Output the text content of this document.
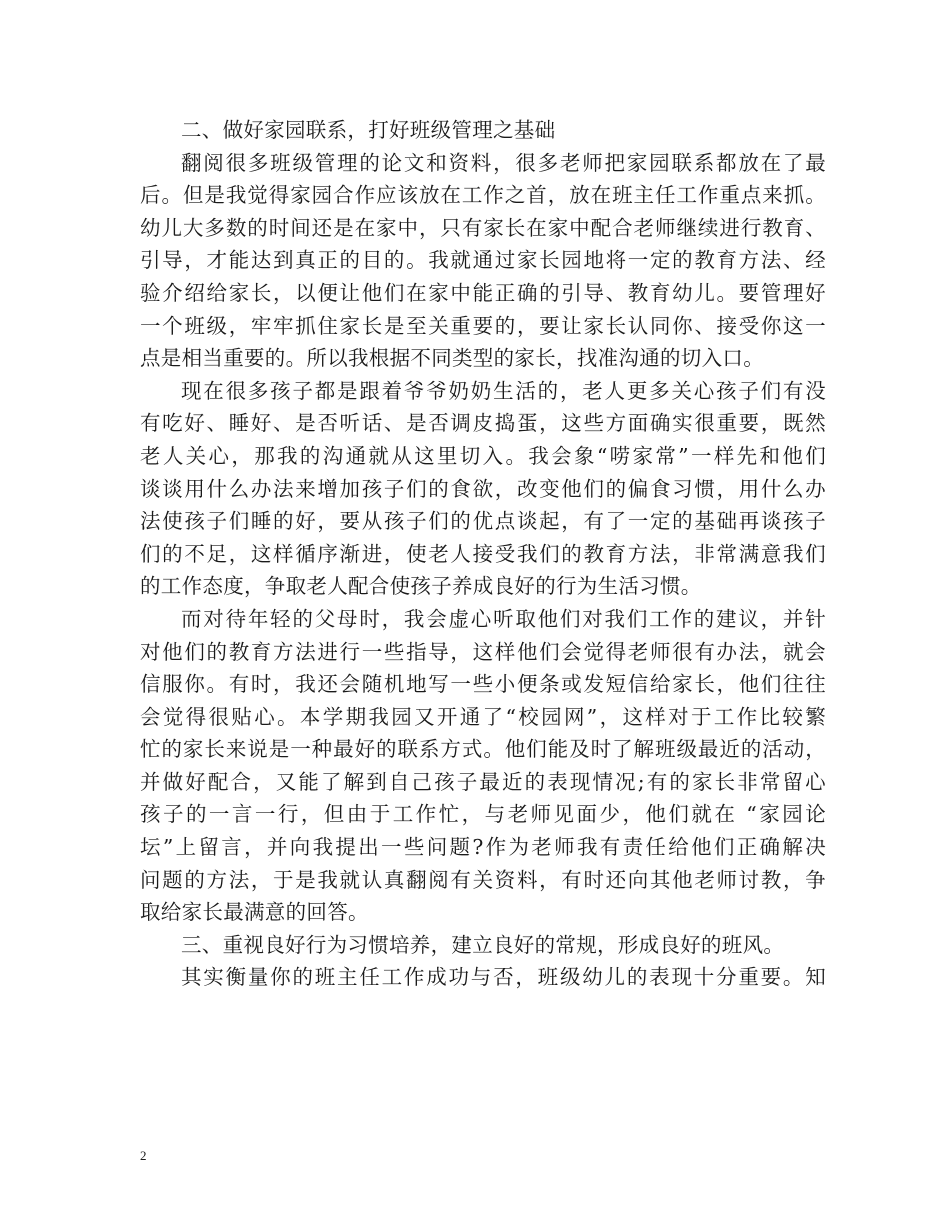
二、做好家园联系，打好班级管理之基础
翻阅很多班级管理的论文和资料，很多老师把家园联系都放在了最
后。但是我觉得家园合作应该放在工作之首，放在班主任工作重点来抓。
幼儿大多数的时间还是在家中，只有家长在家中配合老师继续进行教育、
引导，才能达到真正的目的。我就通过家长园地将一定的教育方法、经
验介绍给家长，以便让他们在家中能正确的引导、教育幼儿。要管理好
一个班级，牢牢抓住家长是至关重要的，要让家长认同你、接受你这一
点是相当重要的。所以我根据不同类型的家长，找准沟通的切入口。
现在很多孩子都是跟着爷爷奶奶生活的，老人更多关心孩子们有没
有吃好、睡好、是否听话、是否调皮捣蛋，这些方面确实很重要，既然
老人关心，那我的沟通就从这里切入。我会象“唠家常”一样先和他们
谈谈用什么办法来增加孩子们的食欲，改变他们的偏食习惯，用什么办
法使孩子们睡的好，要从孩子们的优点谈起，有了一定的基础再谈孩子
们的不足，这样循序渐进，使老人接受我们的教育方法，非常满意我们
的工作态度，争取老人配合使孩子养成良好的行为生活习惯。
而对待年轻的父母时，我会虚心听取他们对我们工作的建议，并针
对他们的教育方法进行一些指导，这样他们会觉得老师很有办法，就会
信服你。有时，我还会随机地写一些小便条或发短信给家长，他们往往
会觉得很贴心。本学期我园又开通了“校园网”，这样对于工作比较繁
忙的家长来说是一种最好的联系方式。他们能及时了解班级最近的活动，
并做好配合，又能了解到自己孩子最近的表现情况;有的家长非常留心
孩子的一言一行，但由于工作忙，与老师见面少，他们就在 “家园论
坛”上留言，并向我提出一些问题?作为老师我有责任给他们正确解决
问题的方法，于是我就认真翻阅有关资料，有时还向其他老师讨教，争
取给家长最满意的回答。
三、重视良好行为习惯培养，建立良好的常规，形成良好的班风。
其实衡量你的班主任工作成功与否，班级幼儿的表现十分重要。知
2
